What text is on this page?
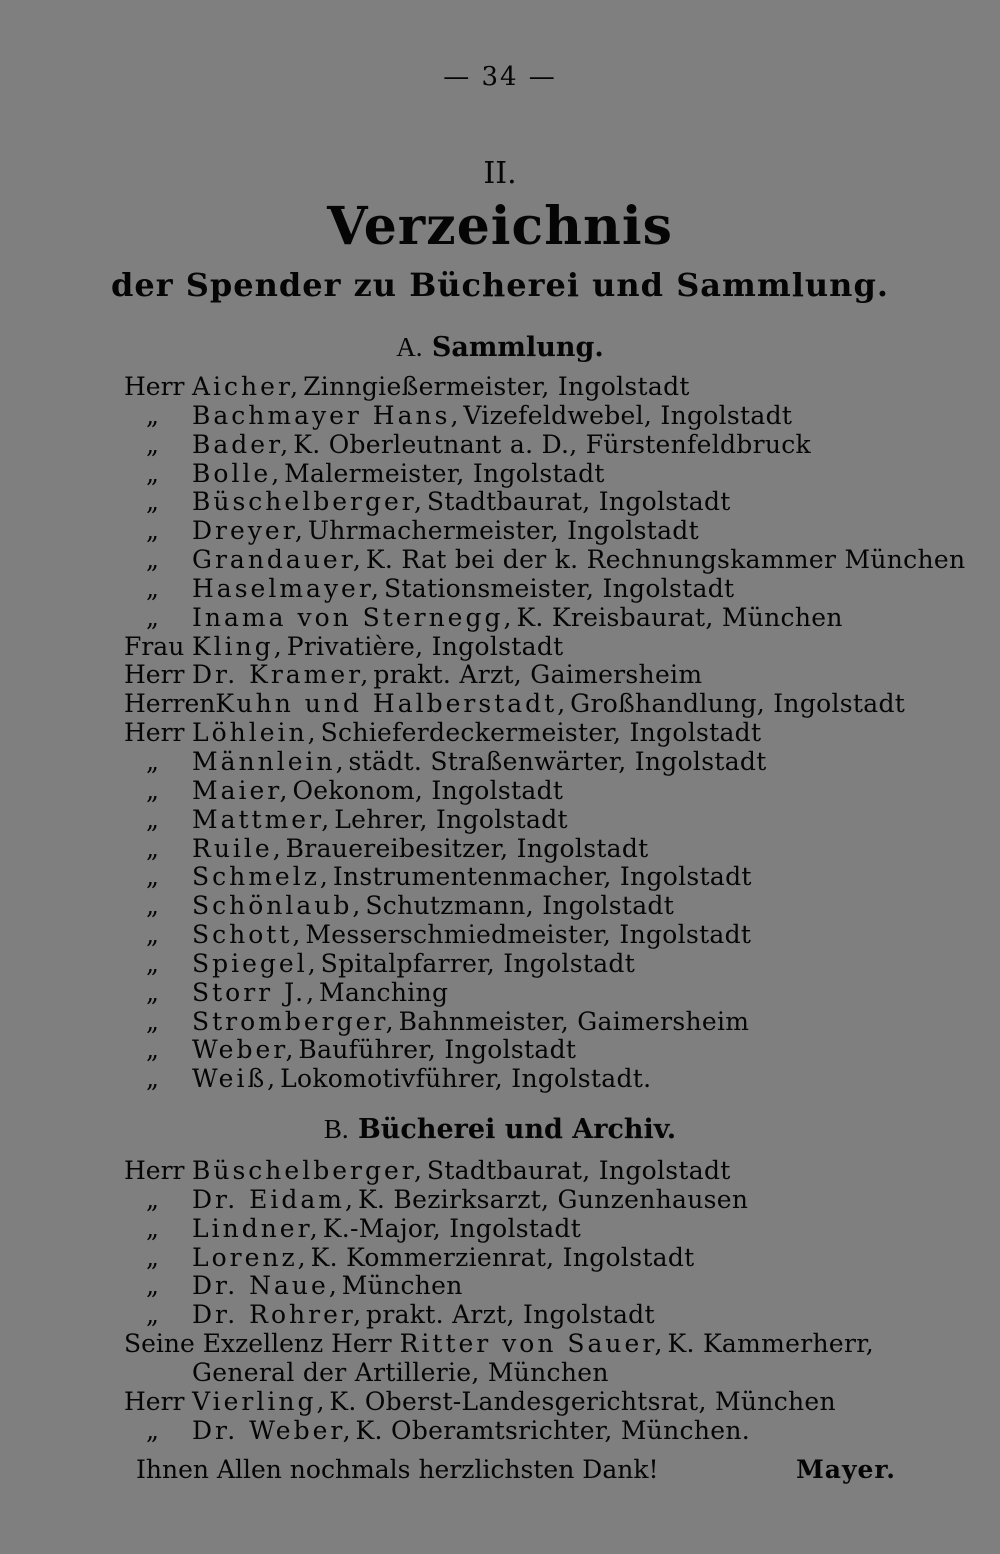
— 34 —
II.
Verzeichnis
der Spender zu Bücherei und Sammlung.
A. Sammlung.
Herr Aicher, Zinngießermeister, Ingolstadt
„	Bachmayer Hans, Vizefeldwebel, Ingolstadt
„	Bader, K. Oberleutnant a. D., Fürstenfeldbruck
„	Bolle, Malermeister, Ingolstadt
„	Büschelberger, Stadtbaurat, Ingolstadt
„	Dreyer, Uhrmachermeister, Ingolstadt
„	Grandauer, K. Rat bei der k. Rechnungskammer München
„	Haselmayer, Stationsmeister, Ingolstadt
„	Inama von Sternegg, K. Kreisbaurat, München
Frau Kling, Privatière, Ingolstadt
Herr Dr. Kramer, prakt. Arzt, Gaimersheim
Herren Kuhn und Halberstadt, Großhandlung, Ingolstadt
Herr Löhlein, Schieferdeckermeister, Ingolstadt
„	Männlein, städt. Straßenwärter, Ingolstadt
„	Maier, Oekonom, Ingolstadt
„	Mattmer, Lehrer, Ingolstadt
„	Ruile, Brauereibesitzer, Ingolstadt
„	Schmelz, Instrumentenmacher, Ingolstadt
„	Schönlaub, Schutzmann, Ingolstadt
„	Schott, Messerschmiedmeister, Ingolstadt
„	Spiegel, Spitalpfarrer, Ingolstadt
„	Storr J., Manching
„	Stromberger, Bahnmeister, Gaimersheim
„	Weber, Bauführer, Ingolstadt
„	Weiß, Lokomotivführer, Ingolstadt.
B. Bücherei und Archiv.
Herr Büschelberger, Stadtbaurat, Ingolstadt
„	Dr. Eidam, K. Bezirksarzt, Gunzenhausen
„	Lindner, K.-Major, Ingolstadt
„	Lorenz, K. Kommerzienrat, Ingolstadt
„	Dr. Naue, München
„	Dr. Rohrer, prakt. Arzt, Ingolstadt
Seine Exzellenz Herr Ritter von Sauer, K. Kammerherr,
General der Artillerie, München
Herr Vierling, K. Oberst-Landesgerichtsrat, München
„	Dr. Weber, K. Oberamtsrichter, München.
Ihnen Allen nochmals herzlichsten Dank!	Mayer.
